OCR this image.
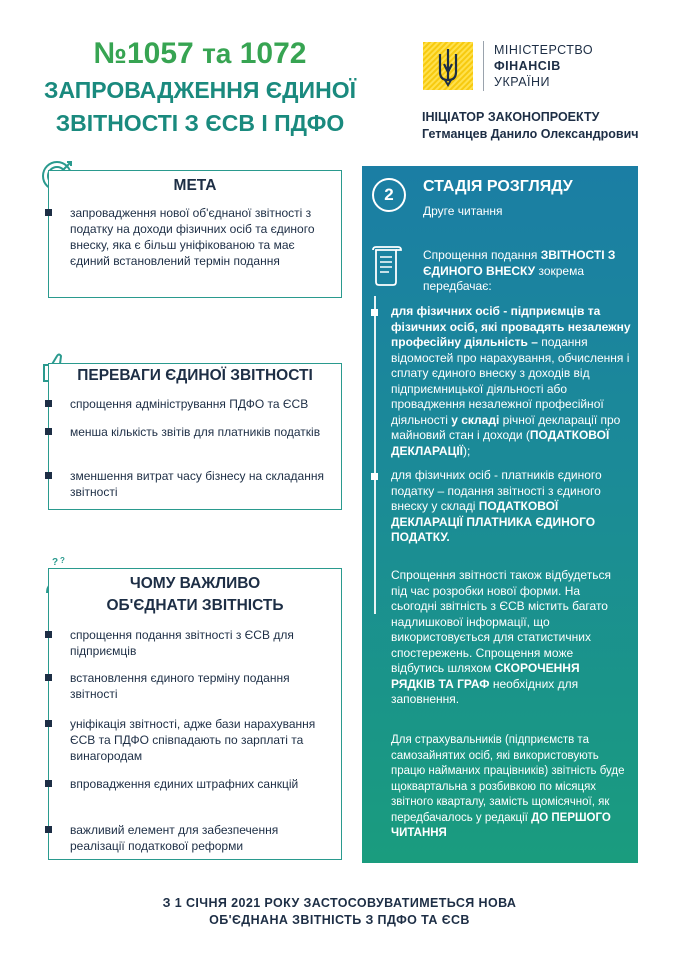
№1057 та 1072
ЗАПРОВАДЖЕННЯ ЄДИНОЇ
ЗВІТНОСТІ З ЄСВ І ПДФО
МІНІСТЕРСТВО
ФІНАНСІВ
УКРАЇНИ
ІНІЦІАТОР ЗАКОНОПРОЕКТУ
Гетманцев Данило Олександрович
МЕТА
запровадження нової об'єднаної звітності з податку на доходи фізичних осіб та єдиного внеску, яка є більш уніфікованою та має єдиний встановлений термін подання
ПЕРЕВАГИ ЄДИНОЇ ЗВІТНОСТІ
спрощення адміністрування ПДФО та ЄСВ
менша кількість звітів для платників податків
зменшення витрат часу бізнесу на складання звітності
? ?
ЧОМУ ВАЖЛИВО
ОБ'ЄДНАТИ ЗВІТНІСТЬ
спрощення подання звітності з ЄСВ для підприємців
встановлення єдиного терміну подання звітності
уніфікація звітності, адже бази нарахування ЄСВ та ПДФО співпадають по зарплаті та винагородам
впровадження єдиних штрафних санкцій
важливий елемент для забезпечення реалізації податкової реформи
2	СТАДІЯ РОЗГЛЯДУ
Друге читання
Спрощення подання ЗВІТНОСТІ З ЄДИНОГО ВНЕСКУ зокрема передбачає:
для фізичних осіб - підприємців та фізичних осіб, які провадять незалежну професійну діяльність – подання відомостей про нарахування, обчислення і сплату єдиного внеску з доходів від підприємницької діяльності або провадження незалежної професійної діяльності у складі річної декларації про майновий стан і доходи (ПОДАТКОВОЇ ДЕКЛАРАЦІЇ);
для фізичних осіб - платників єдиного податку – подання звітності з єдиного внеску у складі ПОДАТКОВОЇ ДЕКЛАРАЦІЇ ПЛАТНИКА ЄДИНОГО ПОДАТКУ.
Спрощення звітності також відбудеться під час розробки нової форми. На сьогодні звітність з ЄСВ містить багато надлишкової інформації, що використовується для статистичних спостережень. Спрощення може відбутись шляхом СКОРОЧЕННЯ РЯДКІВ ТА ГРАФ необхідних для заповнення.
Для страхувальників (підприємств та самозайнятих осіб, які використовують працю найманих працівників) звітність буде щоквартальна з розбивкою по місяцях звітного кварталу, замість щомісячної, як передбачалось у редакції ДО ПЕРШОГО ЧИТАННЯ
З 1 СІЧНЯ 2021 РОКУ ЗАСТОСОВУВАТИМЕТЬСЯ НОВА
ОБ'ЄДНАНА ЗВІТНІСТЬ З ПДФО ТА ЄСВ
